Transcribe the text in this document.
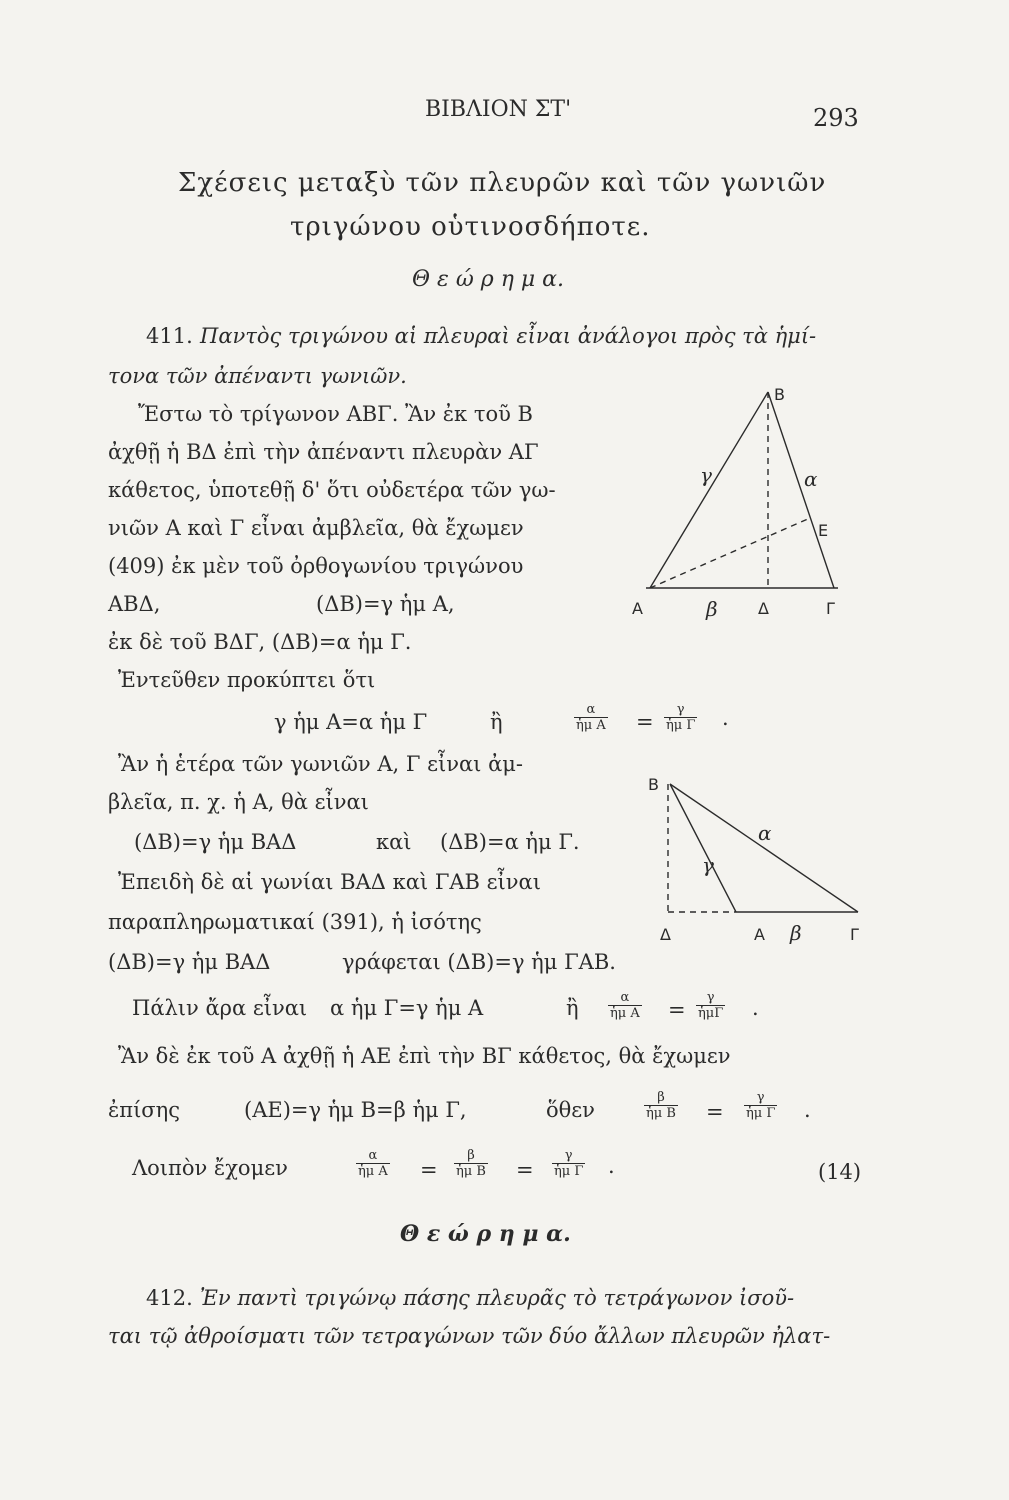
ΒΙΒΛΙΟΝ ΣΤ'	293
Σχέσεις μεταξὺ τῶν πλευρῶν καὶ τῶν γωνιῶν
τριγώνου οὑτινοσδήποτε.
Θ ε ώ ρ η μ α.
411. Παντὸς τριγώνου αἱ πλευραὶ εἶναι ἀνάλογοι πρὸς τὰ ἡμί-
τονα τῶν ἀπέναντι γωνιῶν.
Ἔστω τὸ τρίγωνον ΑΒΓ. Ἂν ἐκ τοῦ Β
ἀχθῇ ἡ ΒΔ ἐπὶ τὴν ἀπέναντι πλευρὰν ΑΓ
κάθετος, ὑποτεθῇ δ' ὅτι οὐδετέρα τῶν γω-
νιῶν Α καὶ Γ εἶναι ἀμβλεῖα, θὰ ἔχωμεν
(409) ἐκ μὲν τοῦ ὀρθογωνίου τριγώνου
ΑΒΔ,	(ΔΒ)=γ ἡμ Α,
ἐκ δὲ τοῦ ΒΔΓ, (ΔΒ)=α ἡμ Γ.
Ἐντεῦθεν προκύπτει ὅτι
γ ἡμ Α=α ἡμ Γ	ἢ	$\frac{\alpha}{\text{ἡμ Α}} = \frac{\gamma}{\text{ἡμ Γ}}$ .
Ἂν ἡ ἑτέρα τῶν γωνιῶν Α, Γ εἶναι ἀμ-
βλεῖα, π. χ. ἡ Α, θὰ εἶναι
(ΔΒ)=γ ἡμ ΒΑΔ	καὶ (ΔΒ)=α ἡμ Γ.
Ἐπειδὴ δὲ αἱ γωνίαι ΒΑΔ καὶ ΓΑΒ εἶναι
παραπληρωματικαί (391), ἡ ἰσότης
(ΔΒ)=γ ἡμ ΒΑΔ	γράφεται (ΔΒ)=γ ἡμ ΓΑΒ.
Πάλιν ἄρα εἶναι α ἡμ Γ=γ ἡμ Α	ἢ $\frac{\alpha}{\text{ἡμ Α}}$ =
γ
ἡμΓ .
Ἂν δὲ ἐκ τοῦ Α ἀχθῇ ἡ ΑΕ ἐπὶ τὴν ΒΓ κάθετος, θὰ ἔχωμεν
ἐπίσης	(ΑΕ)=γ ἡμ Β=β ἡμ Γ,	ὅθεν	$\frac{\beta}{\text{ἡμ Β}} = \frac{\gamma}{\text{ἡμ Γ}}$ .
Λοιπὸν ἔχομεν	$\frac{\alpha}{\text{ἡμ Α}} = \frac{\beta}{\text{ἡμ Β}} = \frac{\gamma}{\text{ἡμ Γ}}$ .	(14)
Θ ε ώ ρ η μ α.
412. Ἐν παντὶ τριγώνῳ πάσης πλευρᾶς τὸ τετράγωνον ἰσοῦ-
ται τῷ ἀθροίσματι τῶν τετραγώνων τῶν δύο ἄλλων πλευρῶν ἠλατ-
Β
Ε
Α	Δ	Γ
γ	α
β
Β
Δ	Α	Γ
α
γ
β
